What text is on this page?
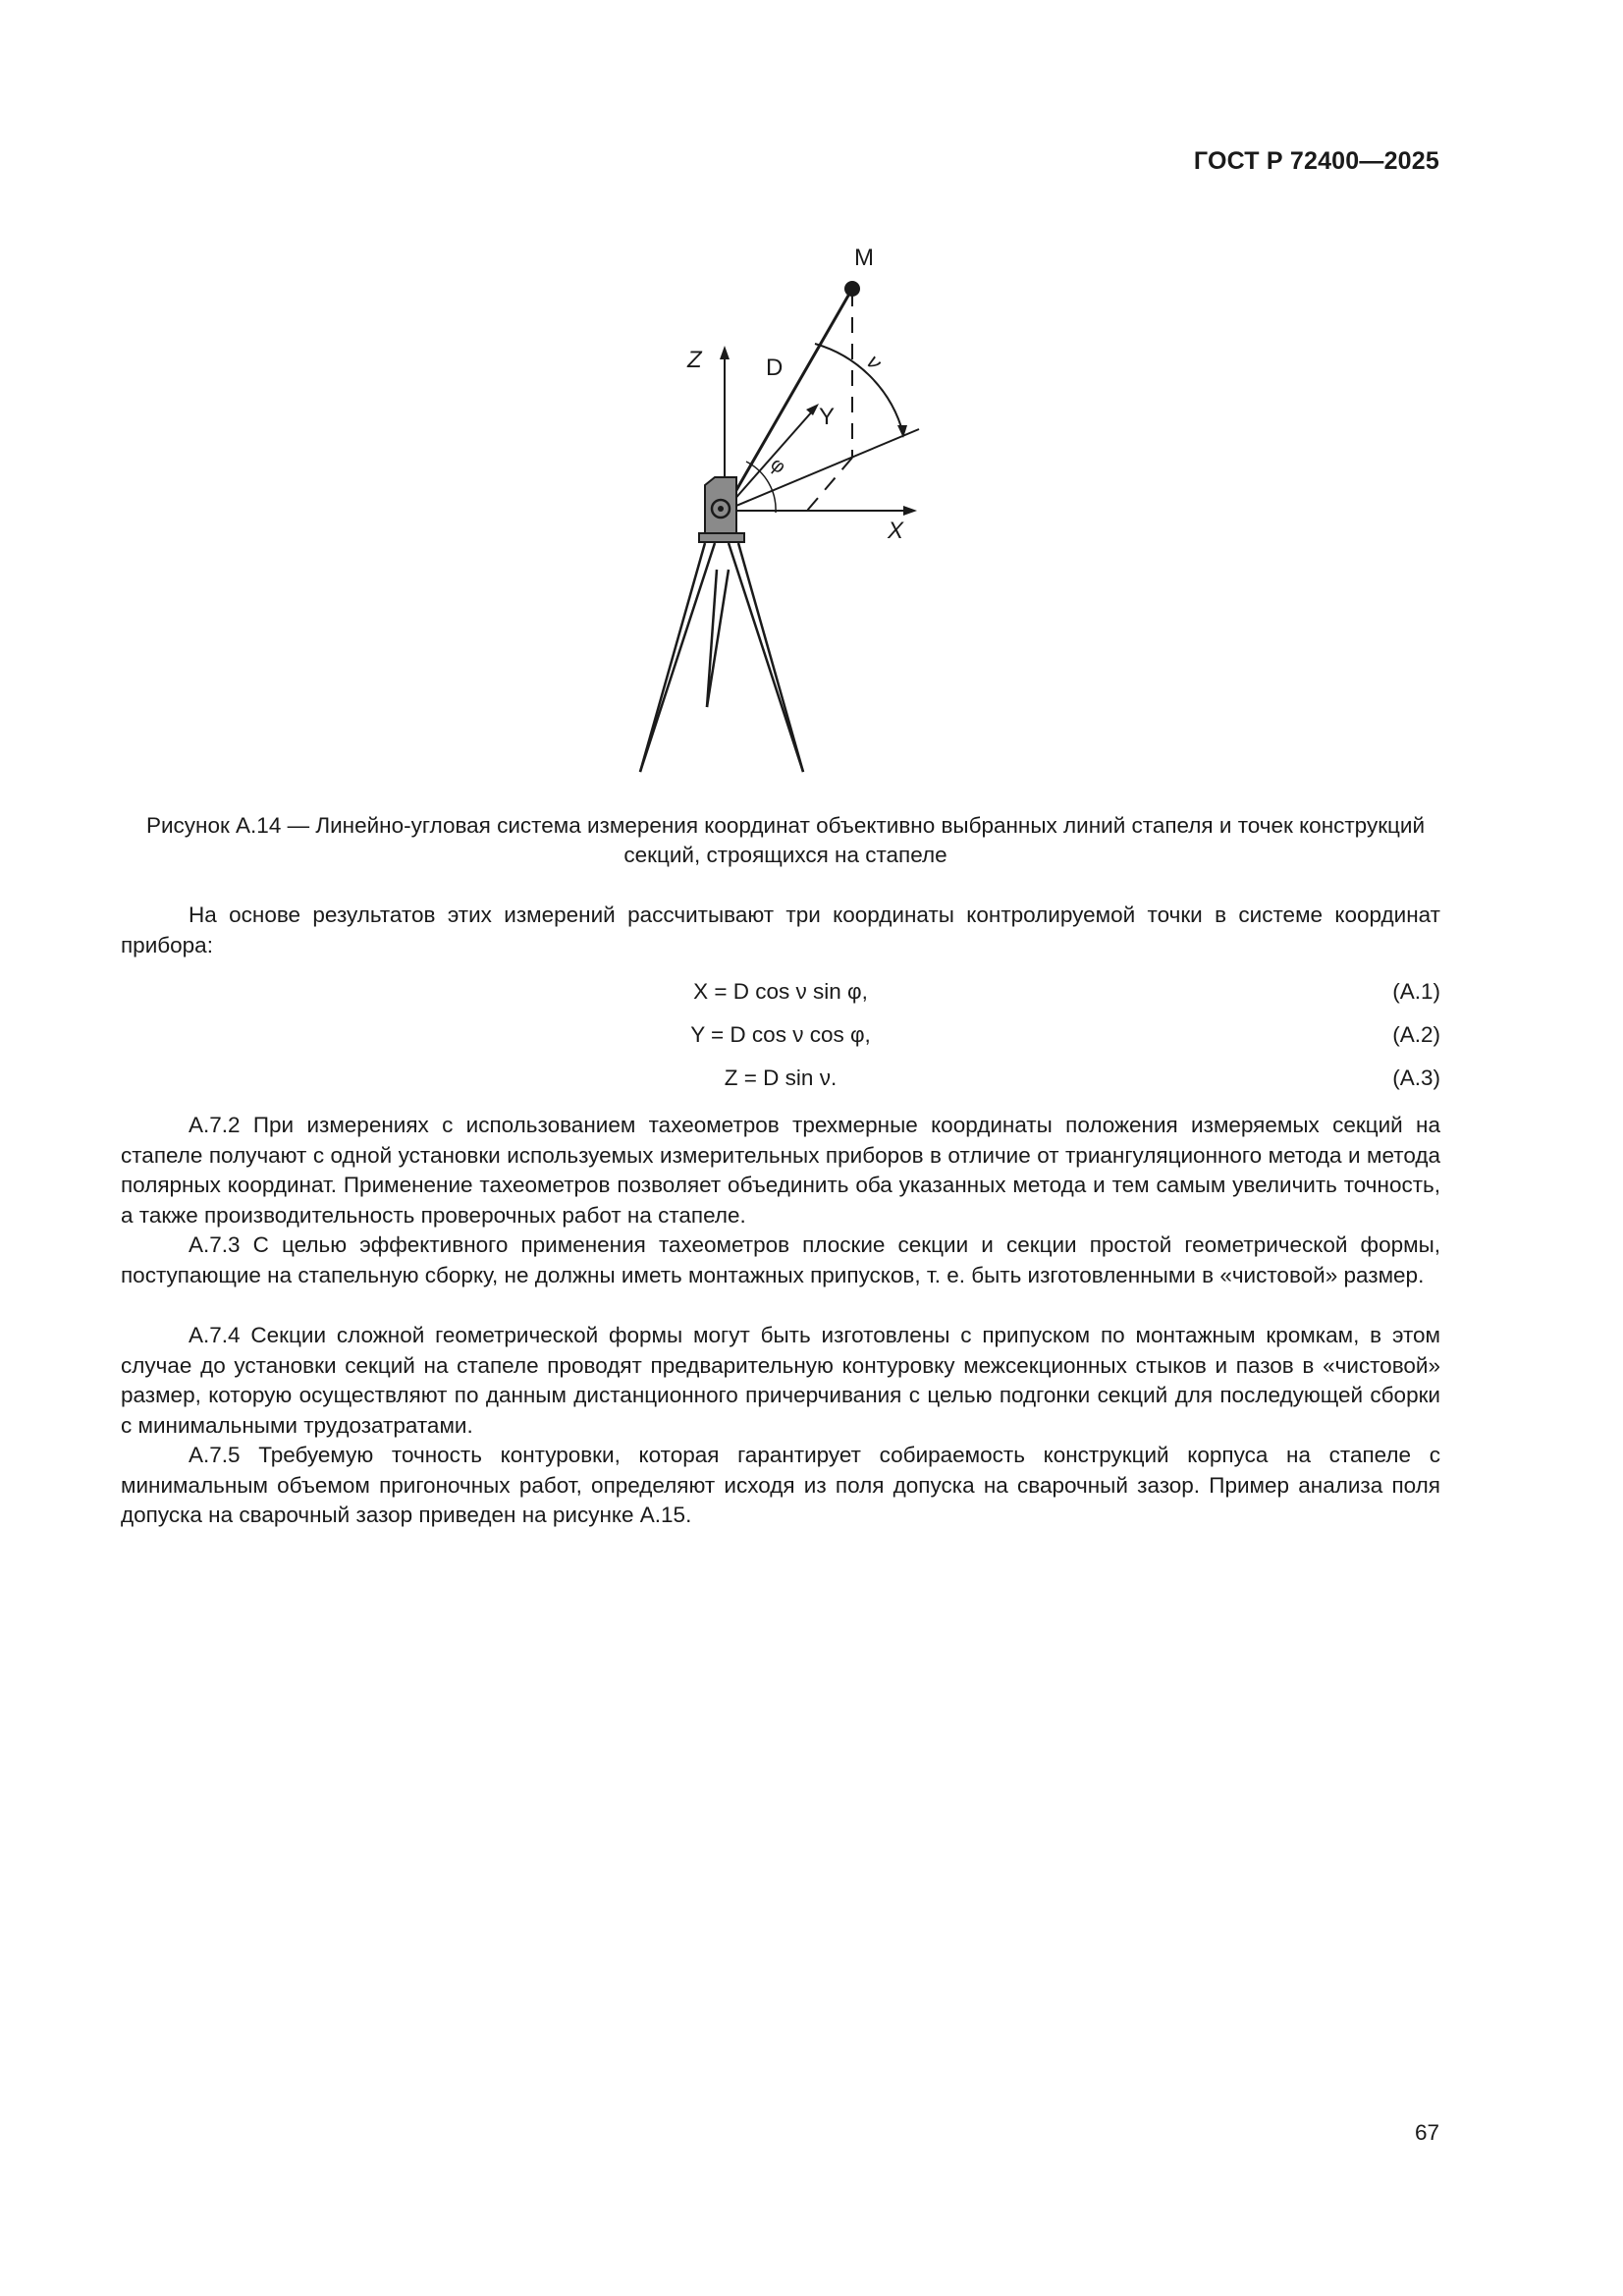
ГОСТ Р 72400—2025
M
Z	D	ν
Y
φ
X
Рисунок А.14 — Линейно-угловая система измерения координат объективно выбранных линий стапеля и точек конструкций секций, строящихся на стапеле

На основе результатов этих измерений рассчитывают три координаты контролируемой точки в системе координат прибора:

X = D cos ν sin φ,	(А.1)
Y = D cos ν cos φ,	(А.2)
Z = D sin ν.	(А.3)

А.7.2 При измерениях с использованием тахеометров трехмерные координаты положения измеряемых секций на стапеле получают с одной установки используемых измерительных приборов в отличие от триангуляционного метода и метода полярных координат. Применение тахеометров позволяет объединить оба указанных метода и тем самым увеличить точность, а также производительность проверочных работ на стапеле.

А.7.3 С целью эффективного применения тахеометров плоские секции и секции простой геометрической формы, поступающие на стапельную сборку, не должны иметь монтажных припусков, т. е. быть изготовленными в «чистовой» размер.

А.7.4 Секции сложной геометрической формы могут быть изготовлены с припуском по монтажным кромкам, в этом случае до установки секций на стапеле проводят предварительную контуровку межсекционных стыков и пазов в «чистовой» размер, которую осуществляют по данным дистанционного причерчивания с целью подгонки секций для последующей сборки с минимальными трудозатратами.

А.7.5 Требуемую точность контуровки, которая гарантирует собираемость конструкций корпуса на стапеле с минимальным объемом пригоночных работ, определяют исходя из поля допуска на сварочный зазор. Пример анализа поля допуска на сварочный зазор приведен на рисунке А.15.

67
